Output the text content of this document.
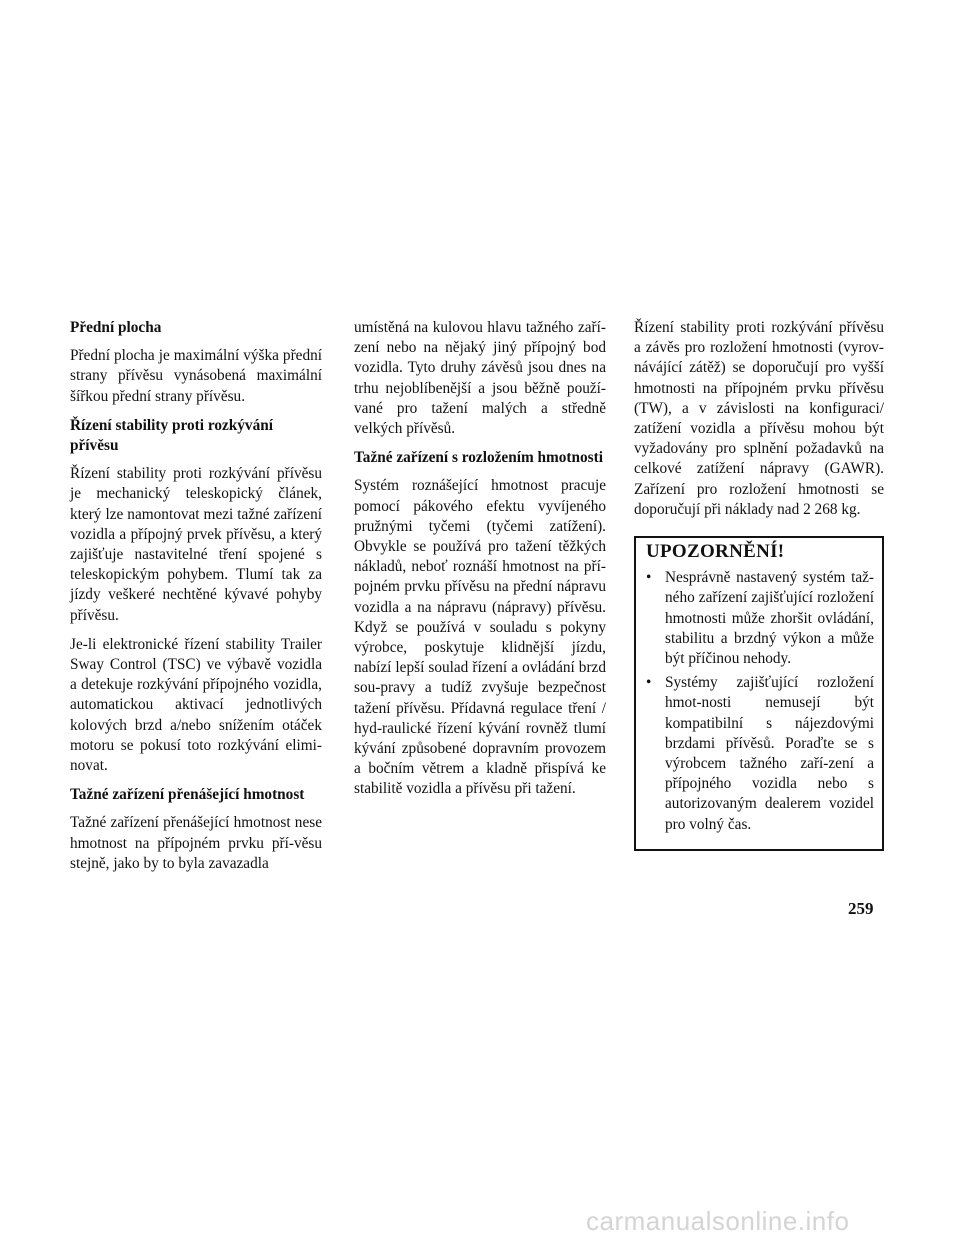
Přední plocha

Přední plocha je maximální výška přední strany přívěsu vynásobená maximální šířkou přední strany přívěsu.

Řízení stability proti rozkývání přívěsu

Řízení stability proti rozkývání přívěsu je mechanický teleskopický článek, který lze namontovat mezi tažné zařízení vozidla a přípojný prvek přívěsu, a který zajišťuje nastavitelné tření spojené s teleskopickým pohybem. Tlumí tak za jízdy veškeré nechtěné kývavé pohyby přívěsu.

Je-li elektronické řízení stability Trailer Sway Control (TSC) ve výbavě vozidla a detekuje rozkývání přípojného vozidla, automatickou aktivací jednotlivých kolových brzd a/nebo snížením otáček motoru se pokusí toto rozkývání elimi-novat.

Tažné zařízení přenášející hmotnost

Tažné zařízení přenášející hmotnost nese hmotnost na přípojném prvku pří-věsu stejně, jako by to byla zavazadla

umístěná na kulovou hlavu tažného zaří-zení nebo na nějaký jiný přípojný bod vozidla. Tyto druhy závěsů jsou dnes na trhu nejoblíbenější a jsou běžně použí-vané pro tažení malých a středně velkých přívěsů.

Tažné zařízení s rozložením hmotnosti

Systém roznášející hmotnost pracuje pomocí pákového efektu vyvíjeného pružnými tyčemi (tyčemi zatížení). Obvykle se používá pro tažení těžkých nákladů, neboť roznáší hmotnost na pří-pojném prvku přívěsu na přední nápravu vozidla a na nápravu (nápravy) přívěsu. Když se používá v souladu s pokyny výrobce, poskytuje klidnější jízdu, nabízí lepší soulad řízení a ovládání brzd sou-pravy a tudíž zvyšuje bezpečnost tažení přívěsu. Přídavná regulace tření / hyd-raulické řízení kývání rovněž tlumí kývání způsobené dopravním provozem a bočním větrem a kladně přispívá ke stabilitě vozidla a přívěsu při tažení.

Řízení stability proti rozkývání přívěsu a závěs pro rozložení hmotnosti (vyrov-návájící zátěž) se doporučují pro vyšší hmotnosti na přípojném prvku přívěsu (TW), a v závislosti na konfiguraci/ zatížení vozidla a přívěsu mohou být vyžadovány pro splnění požadavků na celkové zatížení nápravy (GAWR). Zařízení pro rozložení hmotnosti se doporučují při náklady nad 2 268 kg.

UPOZORNĚNÍ!
• Nesprávně nastavený systém taž-ného zařízení zajišťující rozložení hmotnosti může zhoršit ovládání, stabilitu a brzdný výkon a může být příčinou nehody.
• Systémy zajišťující rozložení hmot-nosti nemusejí být kompatibilní s nájezdovými brzdami přívěsů. Poraďte se s výrobcem tažného zaří-zení a přípojného vozidla nebo s autorizovaným dealerem vozidel pro volný čas.
259
carmanualsonline.info
